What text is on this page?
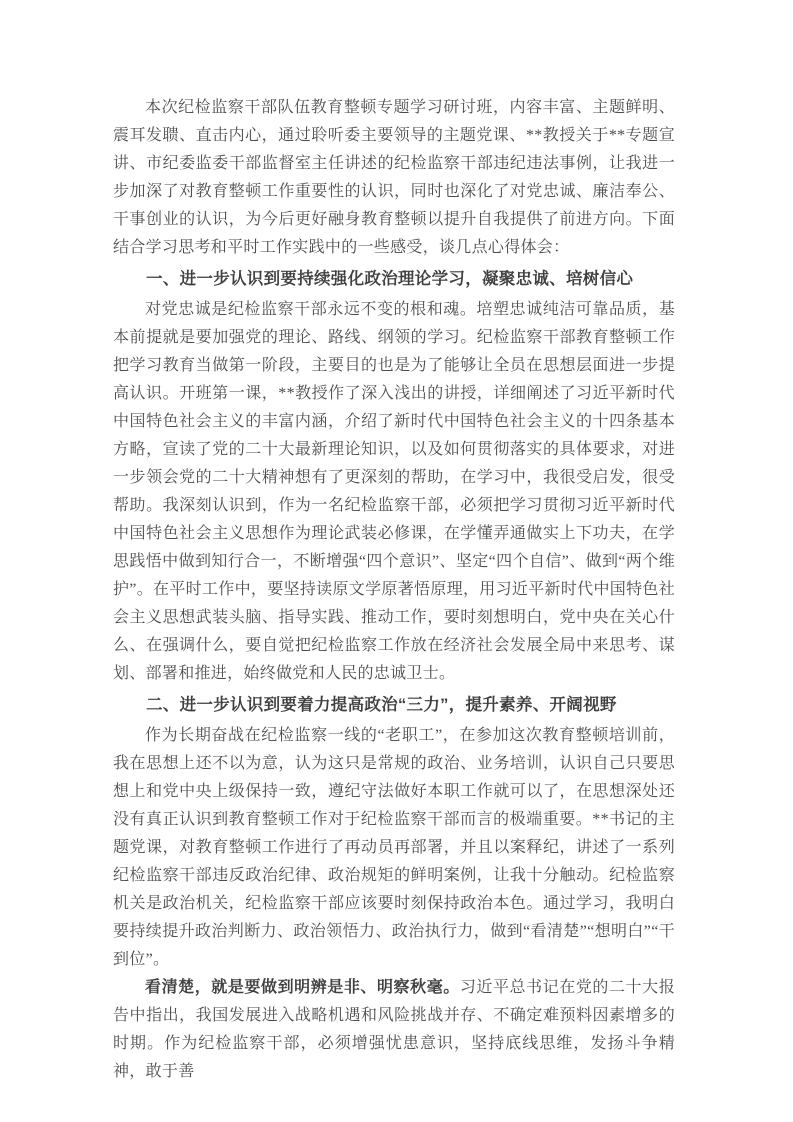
本次纪检监察干部队伍教育整顿专题学习研讨班，内容丰富、主题鲜明、震耳发聩、直击内心，通过聆听委主要领导的主题党课、**教授关于**专题宣讲、市纪委监委干部监督室主任讲述的纪检监察干部违纪违法事例，让我进一步加深了对教育整顿工作重要性的认识，同时也深化了对党忠诚、廉洁奉公、干事创业的认识，为今后更好融身教育整顿以提升自我提供了前进方向。下面结合学习思考和平时工作实践中的一些感受，谈几点心得体会：

一、进一步认识到要持续强化政治理论学习，凝聚忠诚、培树信心

对党忠诚是纪检监察干部永远不变的根和魂。培塑忠诚纯洁可靠品质，基本前提就是要加强党的理论、路线、纲领的学习。纪检监察干部教育整顿工作把学习教育当做第一阶段，主要目的也是为了能够让全员在思想层面进一步提高认识。开班第一课，**教授作了深入浅出的讲授，详细阐述了习近平新时代中国特色社会主义的丰富内涵，介绍了新时代中国特色社会主义的十四条基本方略，宣读了党的二十大最新理论知识，以及如何贯彻落实的具体要求，对进一步领会党的二十大精神想有了更深刻的帮助，在学习中，我很受启发，很受帮助。我深刻认识到，作为一名纪检监察干部，必须把学习贯彻习近平新时代中国特色社会主义思想作为理论武装必修课，在学懂弄通做实上下功夫，在学思践悟中做到知行合一，不断增强“四个意识”、坚定“四个自信”、做到“两个维护”。在平时工作中，要坚持读原文学原著悟原理，用习近平新时代中国特色社会主义思想武装头脑、指导实践、推动工作，要时刻想明白，党中央在关心什么、在强调什么，要自觉把纪检监察工作放在经济社会发展全局中来思考、谋划、部署和推进，始终做党和人民的忠诚卫士。

二、进一步认识到要着力提高政治“三力”，提升素养、开阔视野

作为长期奋战在纪检监察一线的“老职工”，在参加这次教育整顿培训前，我在思想上还不以为意，认为这只是常规的政治、业务培训，认识自己只要思想上和党中央上级保持一致，遵纪守法做好本职工作就可以了，在思想深处还没有真正认识到教育整顿工作对于纪检监察干部而言的极端重要。**书记的主题党课，对教育整顿工作进行了再动员再部署，并且以案释纪，讲述了一系列纪检监察干部违反政治纪律、政治规矩的鲜明案例，让我十分触动。纪检监察机关是政治机关，纪检监察干部应该要时刻保持政治本色。通过学习，我明白要持续提升政治判断力、政治领悟力、政治执行力，做到“看清楚”“想明白”“干到位”。

看清楚，就是要做到明辨是非、明察秋毫。习近平总书记在党的二十大报告中指出，我国发展进入战略机遇和风险挑战并存、不确定难预料因素增多的时期。作为纪检监察干部，必须增强忧患意识，坚持底线思维，发扬斗争精神，敢于善
